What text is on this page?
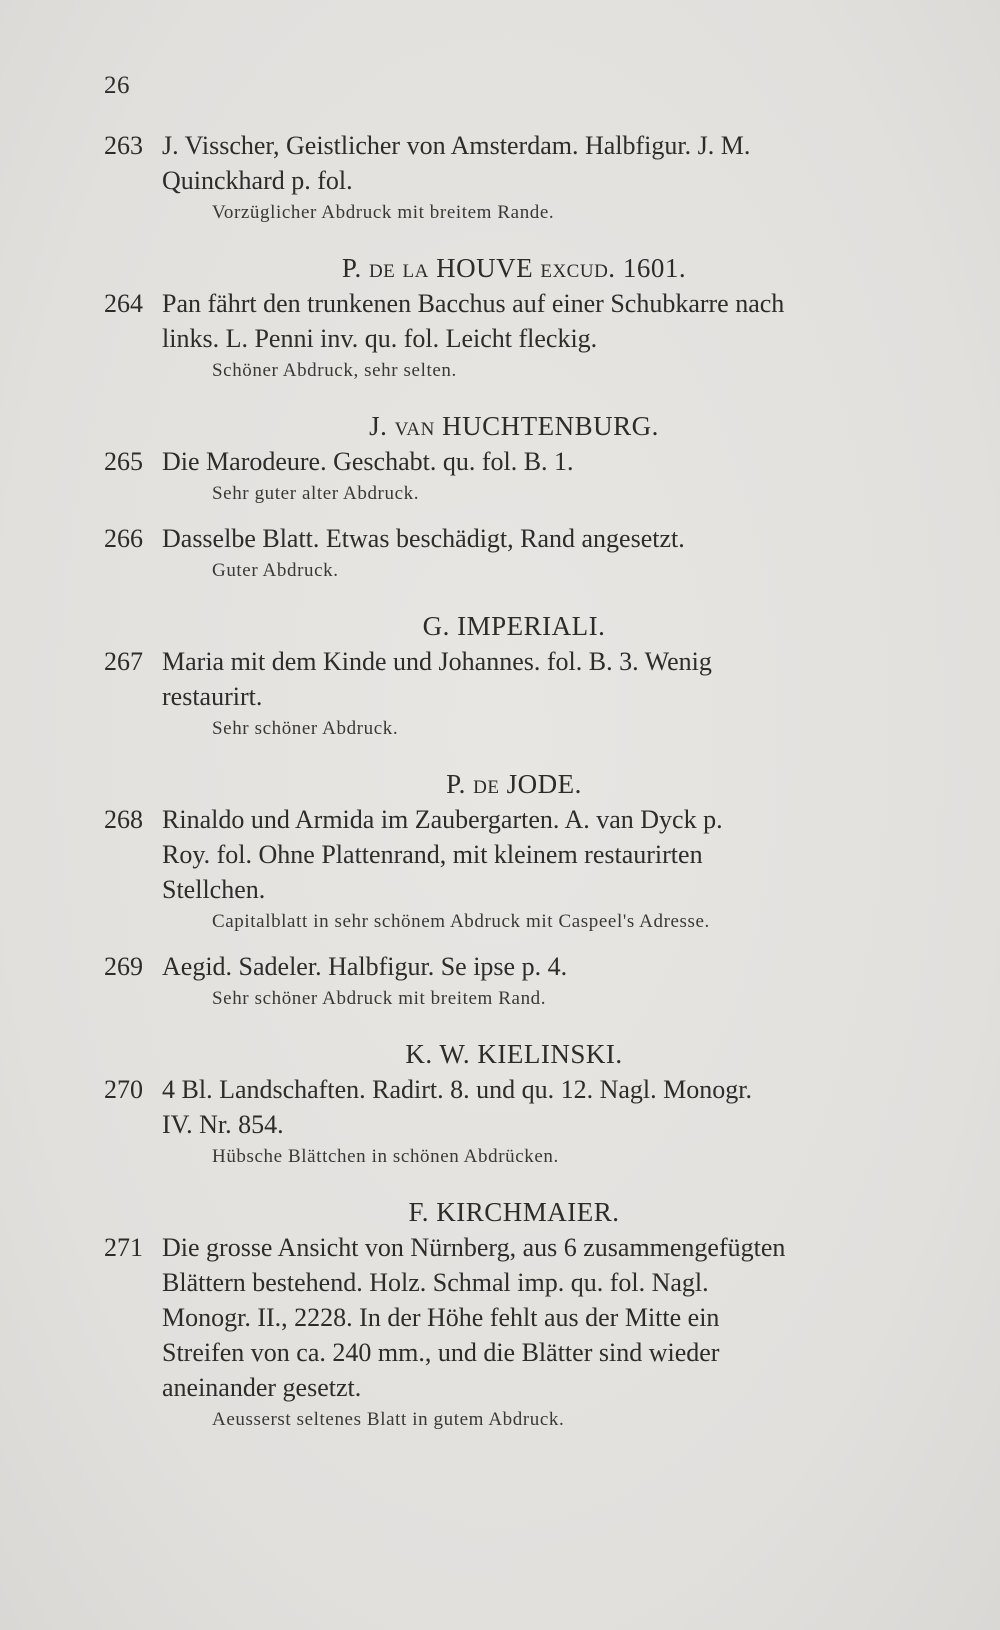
26
263 J. Visscher, Geistlicher von Amsterdam. Halbfigur. J. M.
Quinckhard p. fol.
Vorzüglicher Abdruck mit breitem Rande.
P. de la HOUVE excud. 1601.
264 Pan fährt den trunkenen Bacchus auf einer Schubkarre nach
links. L. Penni inv. qu. fol. Leicht fleckig.
Schöner Abdruck, sehr selten.
J. van HUCHTENBURG.
265 Die Marodeure. Geschabt. qu. fol. B. 1.
Sehr guter alter Abdruck.
266 Dasselbe Blatt. Etwas beschädigt, Rand angesetzt.
Guter Abdruck.
G. IMPERIALI.
267 Maria mit dem Kinde und Johannes. fol. B. 3. Wenig
restaurirt.
Sehr schöner Abdruck.
P. de JODE.
268 Rinaldo und Armida im Zaubergarten. A. van Dyck p.
Roy. fol. Ohne Plattenrand, mit kleinem restaurirten
Stellchen.
Capitalblatt in sehr schönem Abdruck mit Caspeel's Adresse.
269 Aegid. Sadeler. Halbfigur. Se ipse p. 4.
Sehr schöner Abdruck mit breitem Rand.
K. W. KIELINSKI.
270 4 Bl. Landschaften. Radirt. 8. und qu. 12. Nagl. Monogr.
IV. Nr. 854.
Hübsche Blättchen in schönen Abdrücken.
F. KIRCHMAIER.
271 Die grosse Ansicht von Nürnberg, aus 6 zusammengefügten
Blättern bestehend. Holz. Schmal imp. qu. fol. Nagl.
Monogr. II., 2228. In der Höhe fehlt aus der Mitte ein
Streifen von ca. 240 mm., und die Blätter sind wieder
aneinander gesetzt.
Aeusserst seltenes Blatt in gutem Abdruck.
